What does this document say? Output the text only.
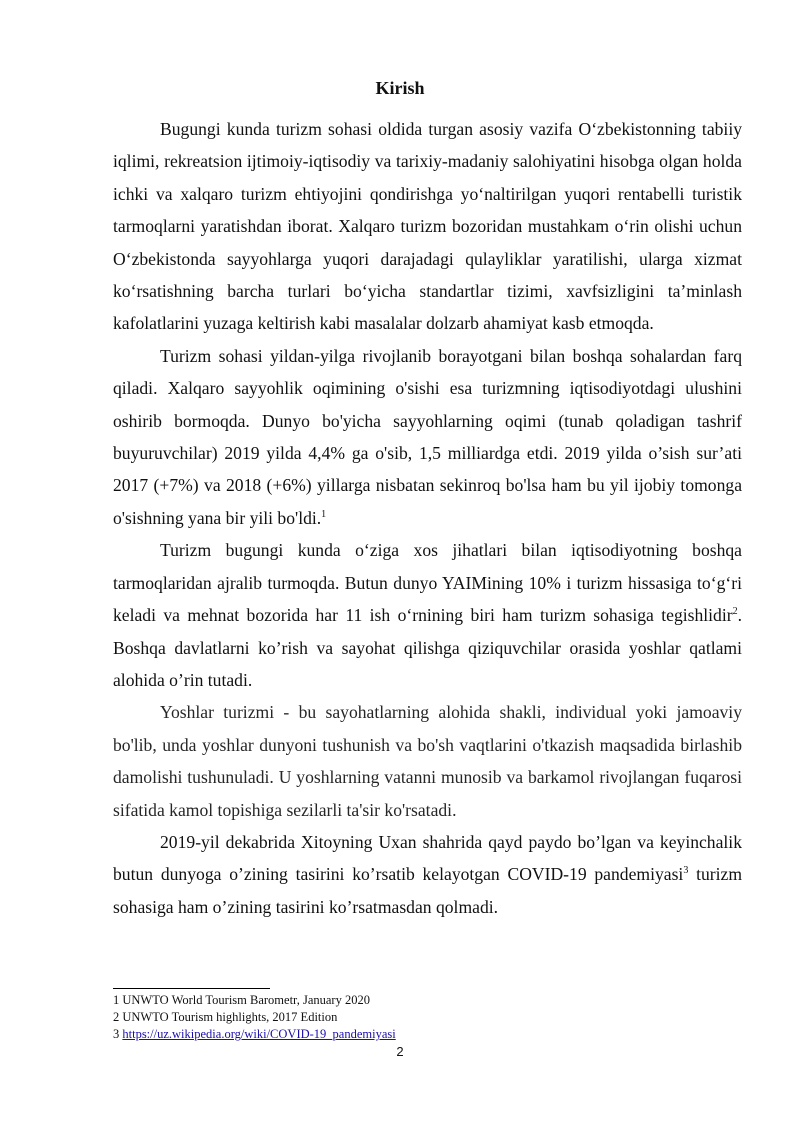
Kirish

Bugungi kunda turizm sohasi oldida turgan asosiy vazifa O‘zbekistonning tabiiy iqlimi, rekreatsion ijtimoiy-iqtisodiy va tarixiy-madaniy salohiyatini hisobga olgan holda ichki va xalqaro turizm ehtiyojini qondirishga yo‘naltirilgan yuqori rentabelli turistik tarmoqlarni yaratishdan iborat. Xalqaro turizm bozoridan mustahkam o‘rin olishi uchun O‘zbekistonda sayyohlarga yuqori darajadagi qulayliklar yaratilishi, ularga xizmat ko‘rsatishning barcha turlari bo‘yicha standartlar tizimi, xavfsizligini ta’minlash kafolatlarini yuzaga keltirish kabi masalalar dolzarb ahamiyat kasb etmoqda.

Turizm sohasi yildan-yilga rivojlanib borayotgani bilan boshqa sohalardan farq qiladi. Xalqaro sayyohlik oqimining o'sishi esa turizmning iqtisodiyotdagi ulushini oshirib bormoqda. Dunyo bo'yicha sayyohlarning oqimi (tunab qoladigan tashrif buyuruvchilar) 2019 yilda 4,4% ga o'sib, 1,5 milliardga etdi. 2019 yilda o’sish sur’ati 2017 (+7%) va 2018 (+6%) yillarga nisbatan sekinroq bo'lsa ham bu yil ijobiy tomonga o'sishning yana bir yili bo'ldi.$^1$

Turizm bugungi kunda o‘ziga xos jihatlari bilan iqtisodiyotning boshqa tarmoqlaridan ajralib turmoqda. Butun dunyo YAIMining 10% i turizm hissasiga to‘g‘ri keladi va mehnat bozorida har 11 ish o‘rnining biri ham turizm sohasiga tegishlidir$^2$. Boshqa davlatlarni ko’rish va sayohat qilishga qiziquvchilar orasida yoshlar qatlami alohida o’rin tutadi.

Yoshlar turizmi - bu sayohatlarning alohida shakli, individual yoki jamoaviy bo'lib, unda yoshlar dunyoni tushunish va bo'sh vaqtlarini o'tkazish maqsadida birlashib damolishi tushunuladi. U yoshlarning vatanni munosib va barkamol rivojlangan fuqarosi sifatida kamol topishiga sezilarli ta'sir ko'rsatadi.

2019-yil dekabrida Xitoyning Uxan shahrida qayd paydo bo’lgan va keyinchalik butun dunyoga o’zining tasirini ko’rsatib kelayotgan COVID-19 pandemiyasi$^3$ turizm sohasiga ham o’zining tasirini ko’rsatmasdan qolmadi.

1 UNWTO World Tourism Barometr, January 2020

2 UNWTO Tourism highlights, 2017 Edition

3 https://uz.wikipedia.org/wiki/COVID-19_pandemiyasi

2
